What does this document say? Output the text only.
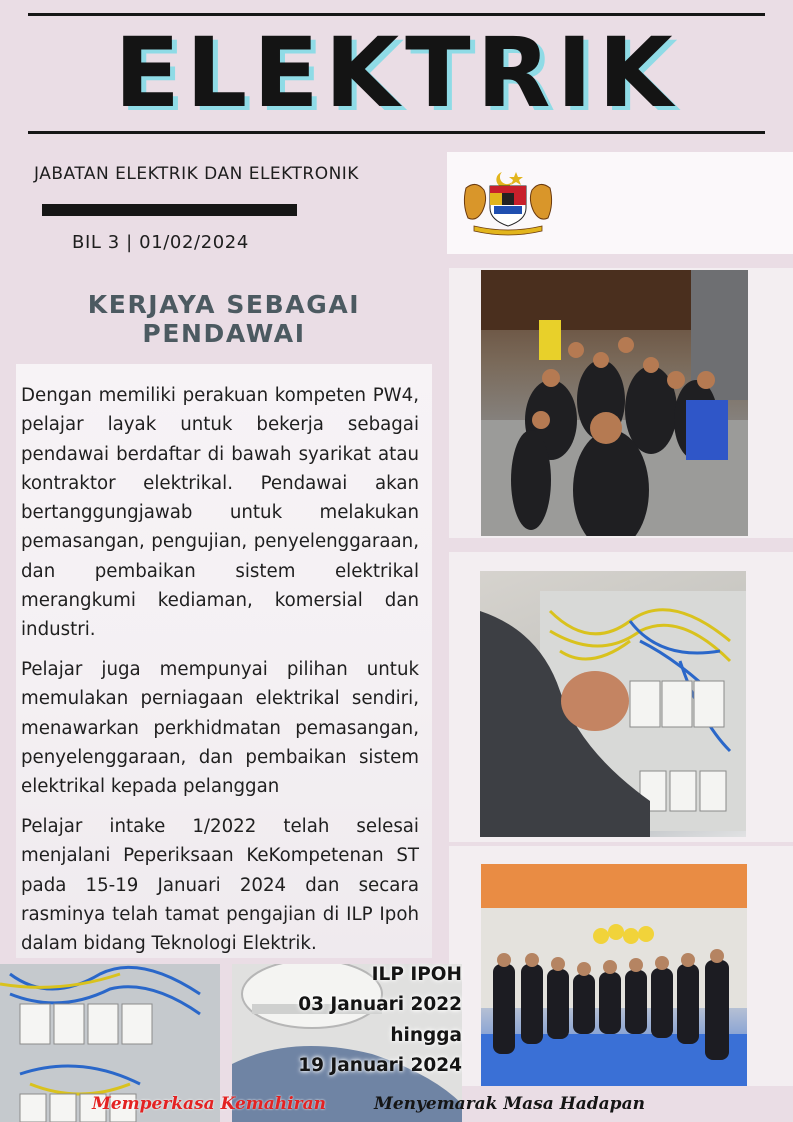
ELEKTRIK
JABATAN ELEKTRIK DAN ELEKTRONIK
BIL 3 | 01/02/2024
KERJAYA SEBAGAI
PENDAWAI

Dengan memiliki perakuan kompeten PW4, pelajar layak untuk bekerja sebagai pendawai berdaftar di bawah syarikat atau kontraktor elektrikal. Pendawai akan bertanggungjawab untuk melakukan pemasangan, pengujian, penyelenggaraan, dan pembaikan sistem elektrikal merangkumi kediaman, komersial dan industri.

Pelajar juga mempunyai pilihan untuk memulakan perniagaan elektrikal sendiri, menawarkan perkhidmatan pemasangan, penyelenggaraan, dan pembaikan sistem elektrikal kepada pelanggan

Pelajar intake 1/2022 telah selesai menjalani Peperiksaan KeKompetenan ST pada 15-19 Januari 2024 dan secara rasminya telah tamat pengajian di ILP Ipoh dalam bidang Teknologi Elektrik.

ILP IPOH
03 Januari 2022
hingga
19 Januari 2024
Memperkasa Kemahiran	Menyemarak Masa Hadapan
